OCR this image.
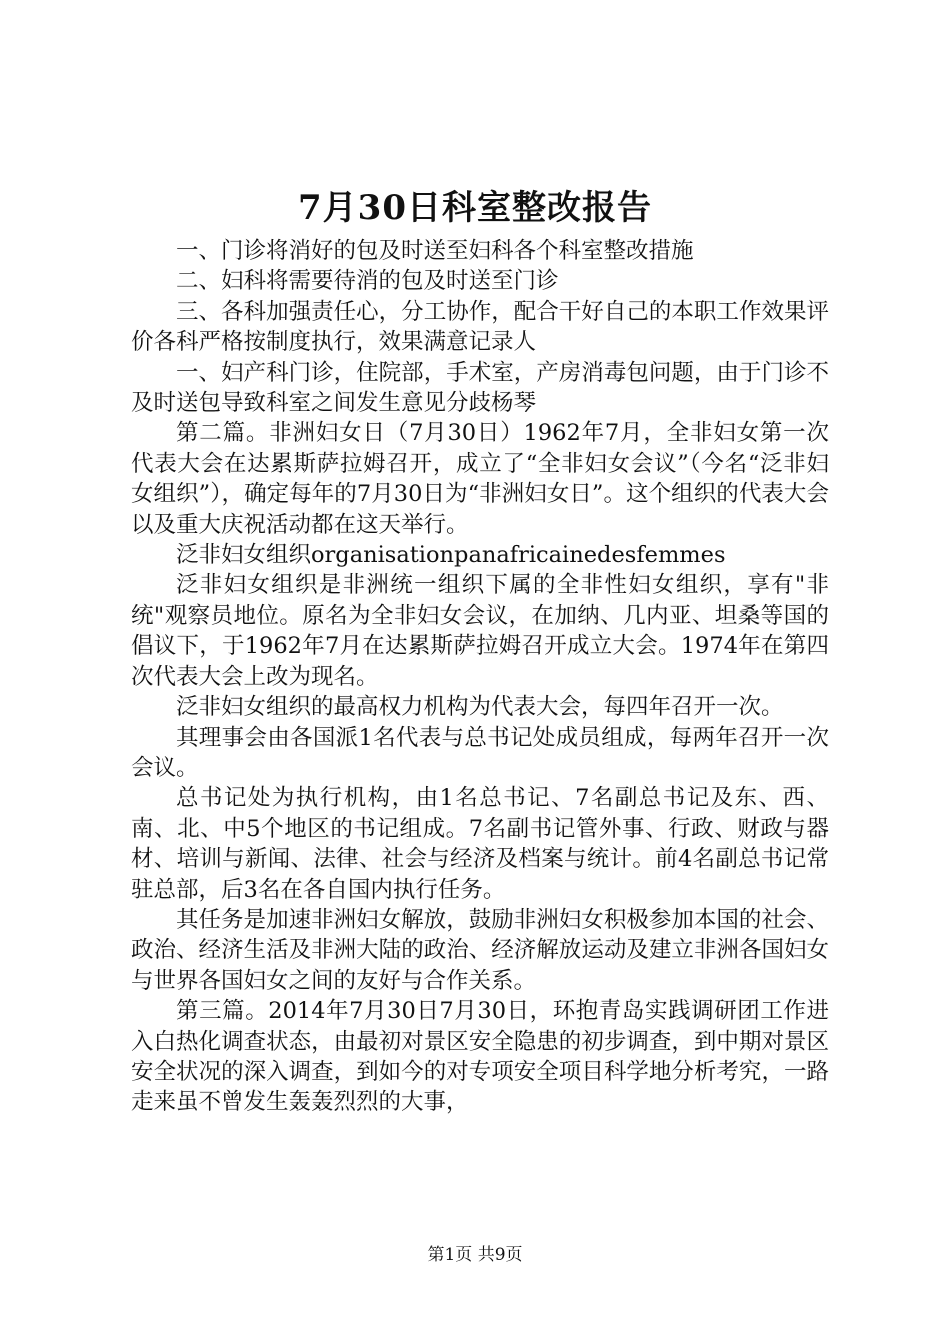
7月30日科室整改报告

一、门诊将消好的包及时送至妇科各个科室整改措施

二、妇科将需要待消的包及时送至门诊

三、各科加强责任心，分工协作，配合干好自己的本职工作效果评价各科严格按制度执行，效果满意记录人

一、妇产科门诊，住院部，手术室，产房消毒包问题，由于门诊不及时送包导致科室之间发生意见分歧杨琴

第二篇。非洲妇女日（7月30日）1962年7月，全非妇女第一次代表大会在达累斯萨拉姆召开，成立了“全非妇女会议”（今名“泛非妇女组织”），确定每年的7月30日为“非洲妇女日”。这个组织的代表大会以及重大庆祝活动都在这天举行。

泛非妇女组织organisationpanafricainedesfemmes

泛非妇女组织是非洲统一组织下属的全非性妇女组织，享有"非统"观察员地位。原名为全非妇女会议，在加纳、几内亚、坦桑等国的倡议下，于1962年7月在达累斯萨拉姆召开成立大会。1974年在第四次代表大会上改为现名。

泛非妇女组织的最高权力机构为代表大会，每四年召开一次。

其理事会由各国派1名代表与总书记处成员组成，每两年召开一次会议。

总书记处为执行机构，由1名总书记、7名副总书记及东、西、南、北、中5个地区的书记组成。7名副书记管外事、行政、财政与器材、培训与新闻、法律、社会与经济及档案与统计。前4名副总书记常驻总部，后3名在各自国内执行任务。

其任务是加速非洲妇女解放，鼓励非洲妇女积极参加本国的社会、政治、经济生活及非洲大陆的政治、经济解放运动及建立非洲各国妇女与世界各国妇女之间的友好与合作关系。

第三篇。2014年7月30日7月30日，环抱青岛实践调研团工作进入白热化调查状态，由最初对景区安全隐患的初步调查，到中期对景区安全状况的深入调查，到如今的对专项安全项目科学地分析考究，一路走来虽不曾发生轰轰烈烈的大事，

第1页 共9页
